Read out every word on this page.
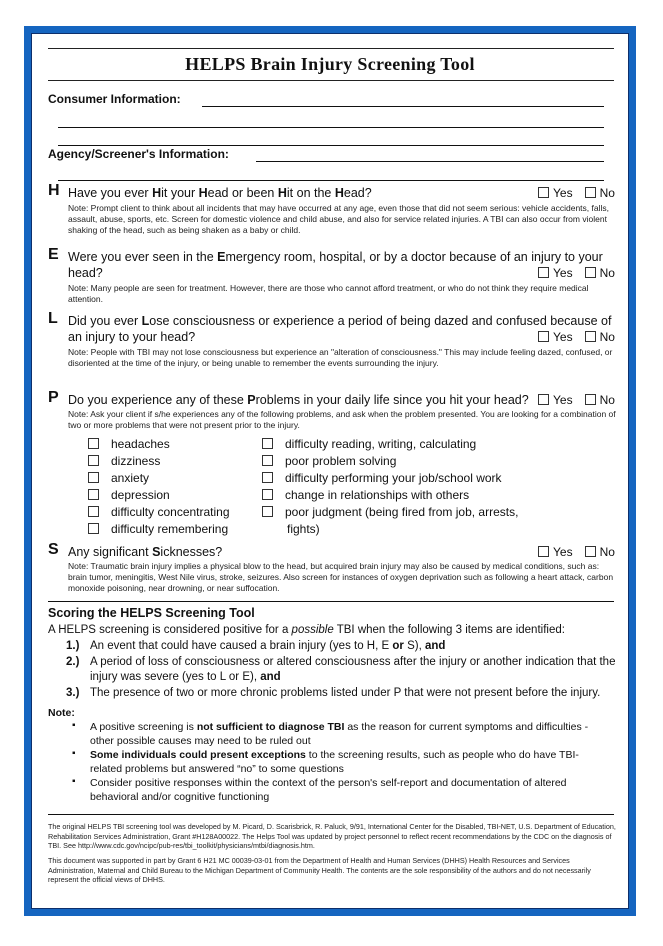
HELPS Brain Injury Screening Tool
Consumer Information:
Agency/Screener's Information:
H Have you ever Hit your Head or been Hit on the Head?	Yes No
Note: Prompt client to think about all incidents that may have occurred at any age, even those that did not seem serious: vehicle accidents, falls, assault, abuse, sports, etc. Screen for domestic violence and child abuse, and also for service related injuries. A TBI can also occur from violent shaking of the head, such as being shaken as a baby or child.
E Were you ever seen in the Emergency room, hospital, or by a doctor because of an injury to your head?	Yes No
Note: Many people are seen for treatment. However, there are those who cannot afford treatment, or who do not think they require medical attention.
L Did you ever Lose consciousness or experience a period of being dazed and confused because of an injury to your head?	Yes No
Note: People with TBI may not lose consciousness but experience an "alteration of consciousness." This may include feeling dazed, confused, or disoriented at the time of the injury, or being unable to remember the events surrounding the injury.
P Do you experience any of these Problems in your daily life since you hit your head?	Yes No
Note: Ask your client if s/he experiences any of the following problems, and ask when the problem presented. You are looking for a combination of two or more problems that were not present prior to the injury.
headaches
dizziness
anxiety
depression
difficulty concentrating
difficulty remembering
difficulty reading, writing, calculating
poor problem solving
difficulty performing your job/school work
change in relationships with others
poor judgment (being fired from job, arrests,
fights)
S Any significant Sicknesses?	Yes No
Note: Traumatic brain injury implies a physical blow to the head, but acquired brain injury may also be caused by medical conditions, such as: brain tumor, meningitis, West Nile virus, stroke, seizures. Also screen for instances of oxygen deprivation such as following a heart attack, carbon monoxide poisoning, near drowning, or near suffocation.
Scoring the HELPS Screening Tool
A HELPS screening is considered positive for a possible TBI when the following 3 items are identified:
1.) An event that could have caused a brain injury (yes to H, E or S), and
2.) A period of loss of consciousness or altered consciousness after the injury or another indication that the injury was severe (yes to L or E), and
3.) The presence of two or more chronic problems listed under P that were not present before the injury.
Note:
▪ A positive screening is not sufficient to diagnose TBI as the reason for current symptoms and difficulties - other possible causes may need to be ruled out
▪ Some individuals could present exceptions to the screening results, such as people who do have TBI-related problems but answered “no” to some questions
▪ Consider positive responses within the context of the person's self-report and documentation of altered behavioral and/or cognitive functioning
The original HELPS TBI screening tool was developed by M. Picard, D. Scarisbrick, R. Paluck, 9/91, International Center for the Disabled, TBI-NET, U.S. Department of Education, Rehabilitation Services Administration, Grant #H128A00022. The Helps Tool was updated by project personnel to reflect recent recommendations by the CDC on the diagnosis of TBI. See http://www.cdc.gov/ncipc/pub-res/tbi_toolkit/physicians/mtbi/diagnosis.htm.
This document was supported in part by Grant 6 H21 MC 00039-03-01 from the Department of Health and Human Services (DHHS) Health Resources and Services Administration, Maternal and Child Bureau to the Michigan Department of Community Health. The contents are the sole responsibility of the authors and do not necessarily represent the official views of DHHS.
